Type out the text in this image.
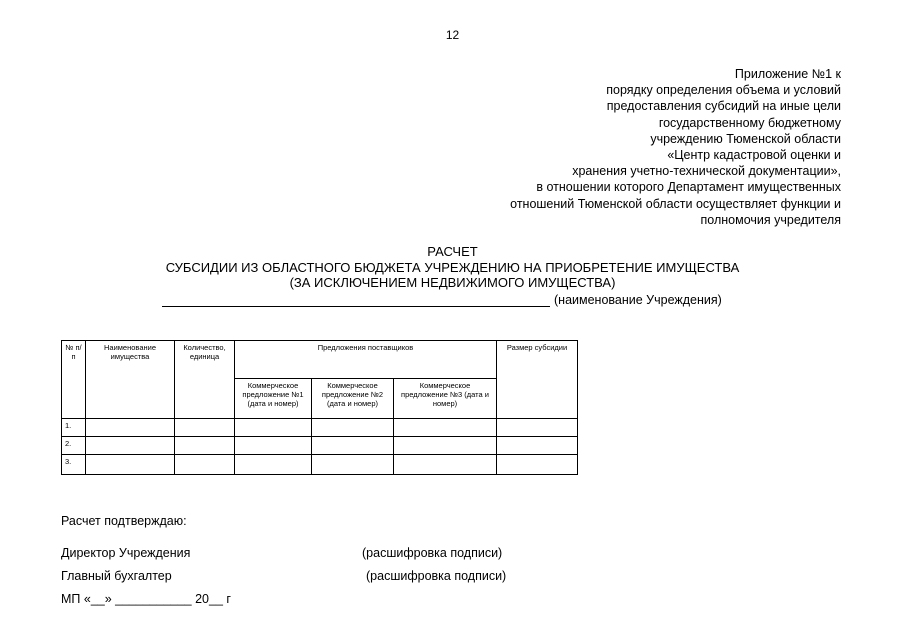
12
Приложение №1 к
порядку определения объема и условий
предоставления субсидий на иные цели
государственному бюджетному
учреждению Тюменской области
«Центр кадастровой оценки и
хранения учетно-технической документации»,
в отношении которого Департамент имущественных
отношений Тюменской области осуществляет функции и
полномочия учредителя
РАСЧЕТ
СУБСИДИИ ИЗ ОБЛАСТНОГО БЮДЖЕТА УЧРЕЖДЕНИЮ НА ПРИОБРЕТЕНИЕ ИМУЩЕСТВА
(ЗА ИСКЛЮЧЕНИЕМ НЕДВИЖИМОГО ИМУЩЕСТВА)
(наименование Учреждения)
№ п/п	Наименование имущества	Количество, единица	Предложения поставщиков			Размер субсидии
			Коммерческое предложение №1 (дата и номер)	Коммерческое предложение №2 (дата и номер)	Коммерческое предложение №3 (дата и номер)	
1.						
2.						
3.						
Расчет подтверждаю:
Директор Учреждения	(расшифровка подписи)
Главный бухгалтер	(расшифровка подписи)
МП «__» ___________ 20__ г
